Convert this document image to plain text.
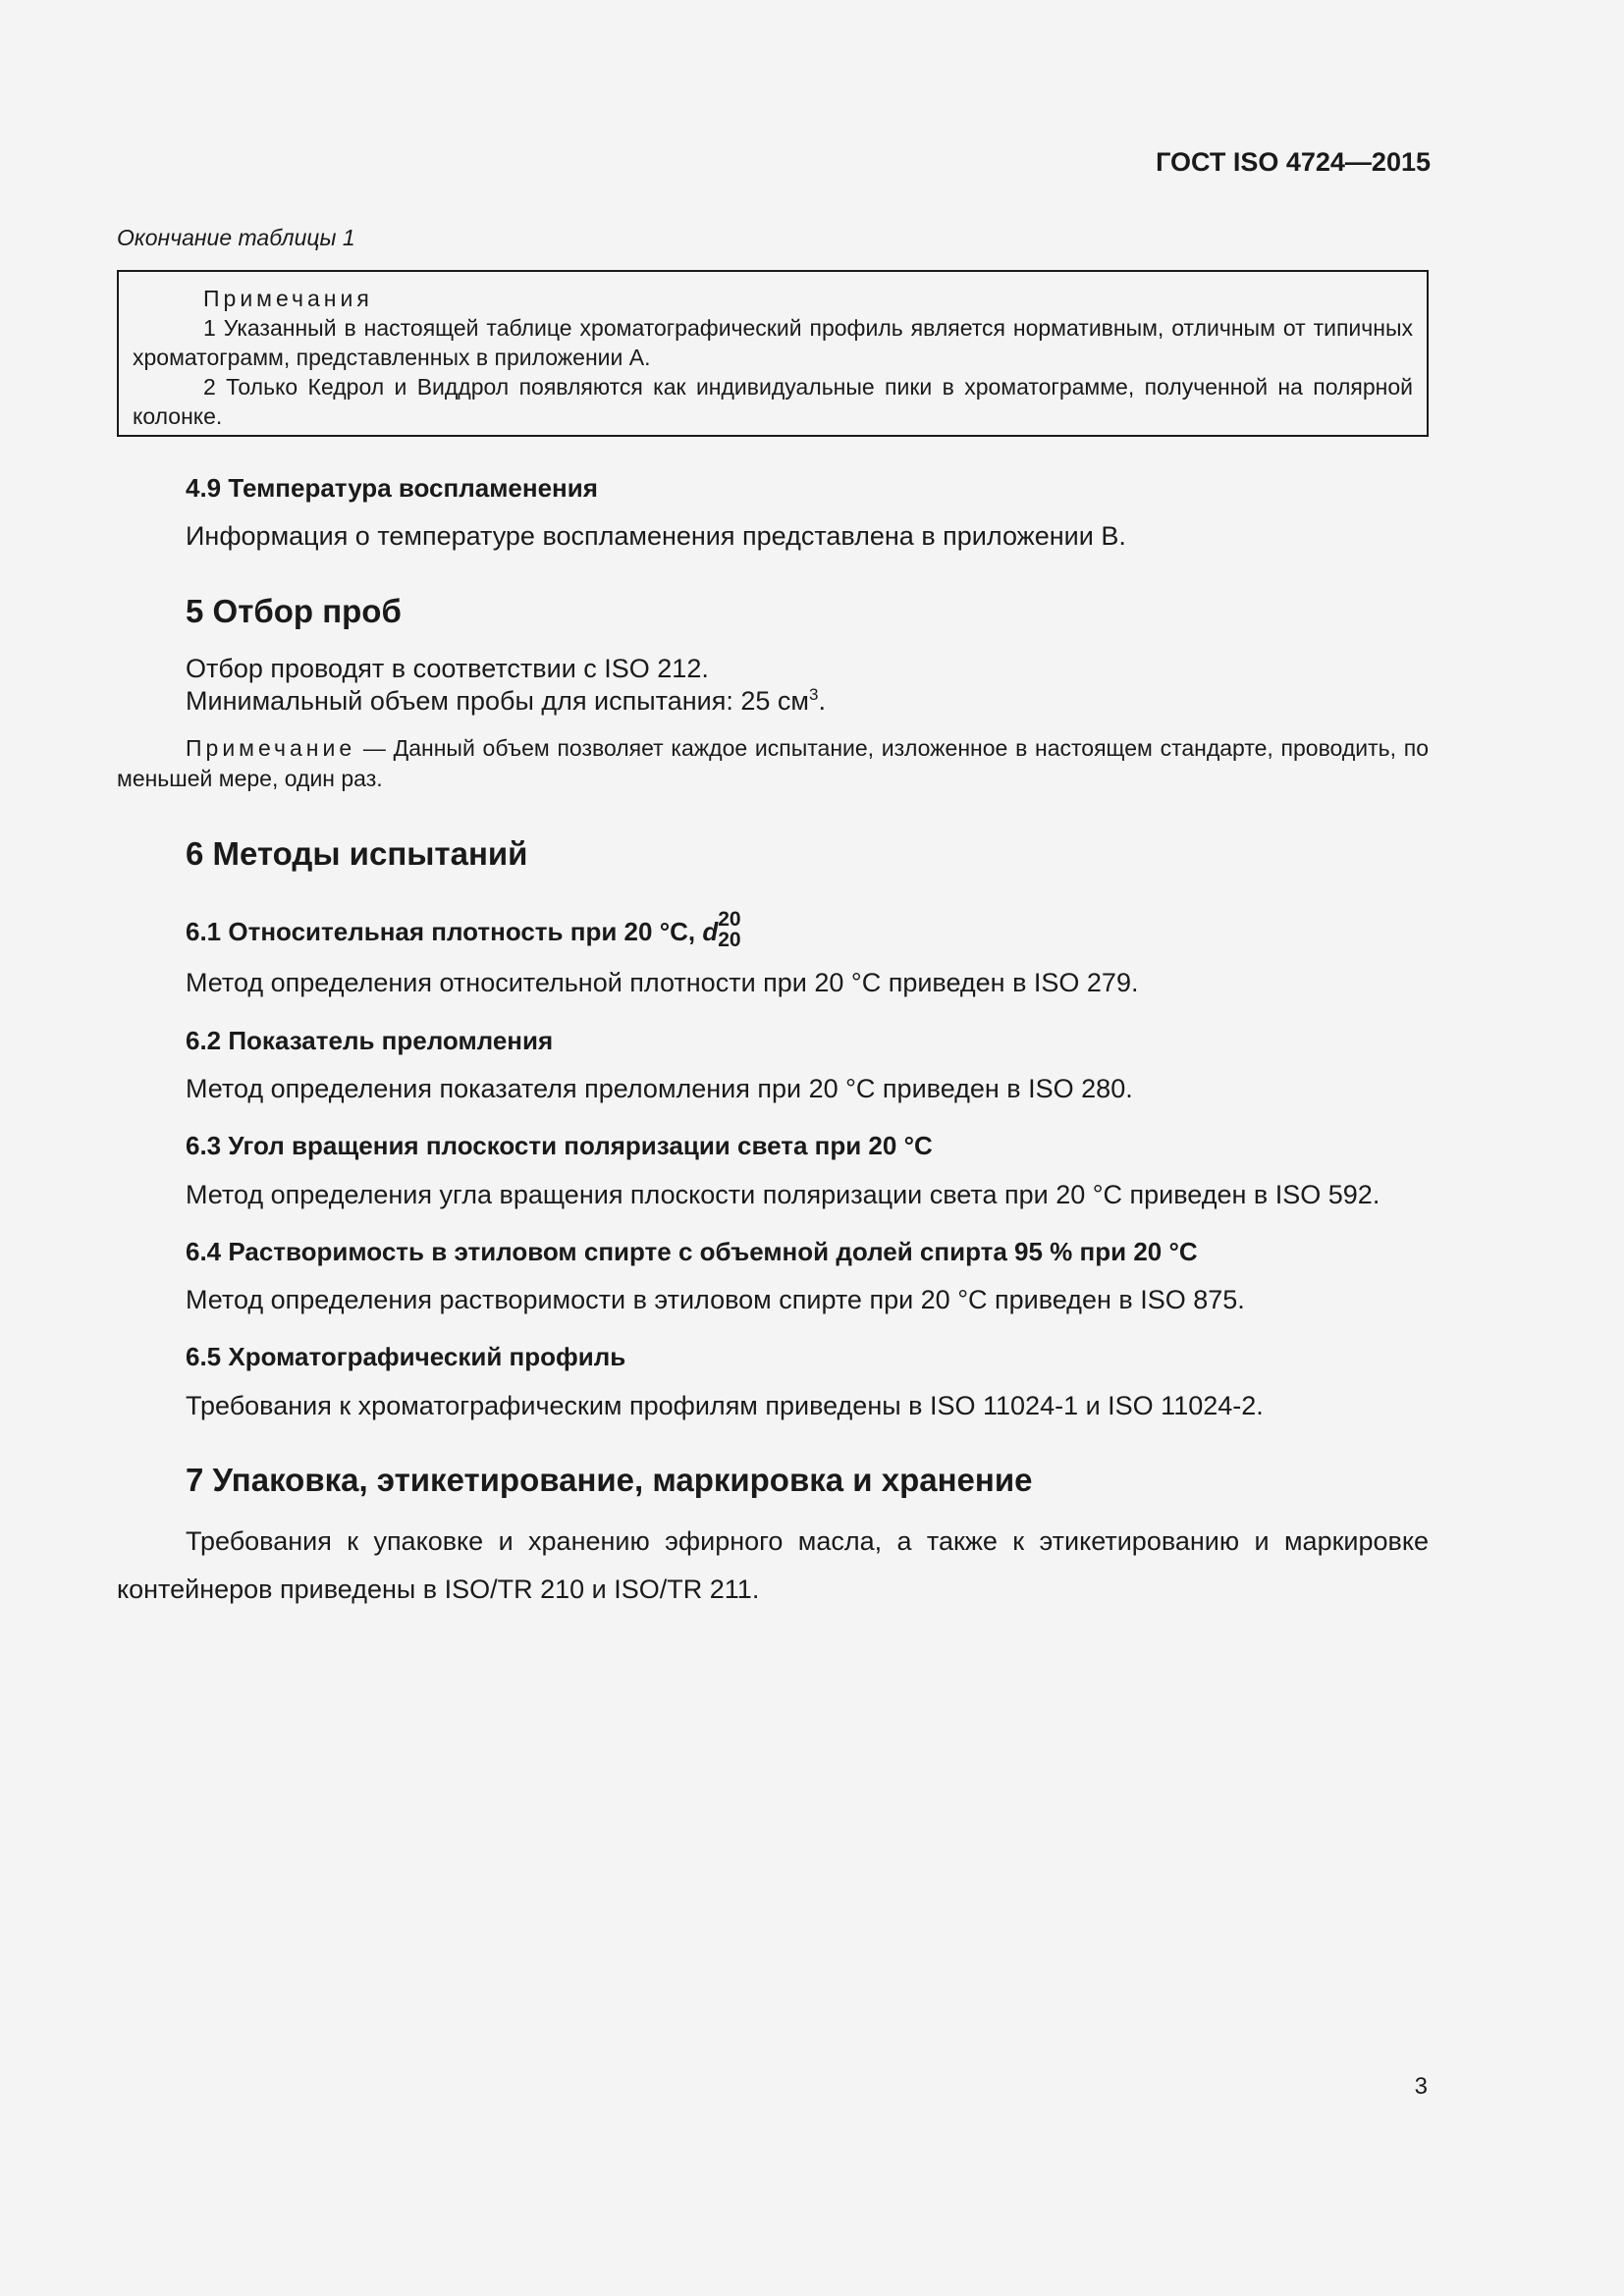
ГОСТ ISO 4724—2015
Окончание таблицы 1
Примечания
1 Указанный в настоящей таблице хроматографический профиль является нормативным, отличным от типичных хроматограмм, представленных в приложении А.
2 Только Кедрол и Виддрол появляются как индивидуальные пики в хроматограмме, полученной на полярной колонке.
4.9 Температура воспламенения
Информация о температуре воспламенения представлена в приложении В.
5 Отбор проб
Отбор проводят в соответствии с ISO 212.
Минимальный объем пробы для испытания: 25 $см^3$.
Примечание — Данный объем позволяет каждое испытание, изложенное в настоящем стандарте, проводить, по меньшей мере, один раз.
6 Методы испытаний
6.1 Относительная плотность при 20 °С, d 20
20
Метод определения относительной плотности при 20 °С приведен в ISO 279.
6.2 Показатель преломления
Метод определения показателя преломления при 20 °С приведен в ISO 280.
6.3 Угол вращения плоскости поляризации света при 20 °С
Метод определения угла вращения плоскости поляризации света при 20 °С приведен в ISO 592.
6.4 Растворимость в этиловом спирте с объемной долей спирта 95 % при 20 °С
Метод определения растворимости в этиловом спирте при 20 °С приведен в ISO 875.
6.5 Хроматографический профиль
Требования к хроматографическим профилям приведены в ISO 11024-1 и ISO 11024-2.
7 Упаковка, этикетирование, маркировка и хранение
Требования к упаковке и хранению эфирного масла, а также к этикетированию и маркировке контейнеров приведены в ISO/TR 210 и ISO/TR 211.
3
